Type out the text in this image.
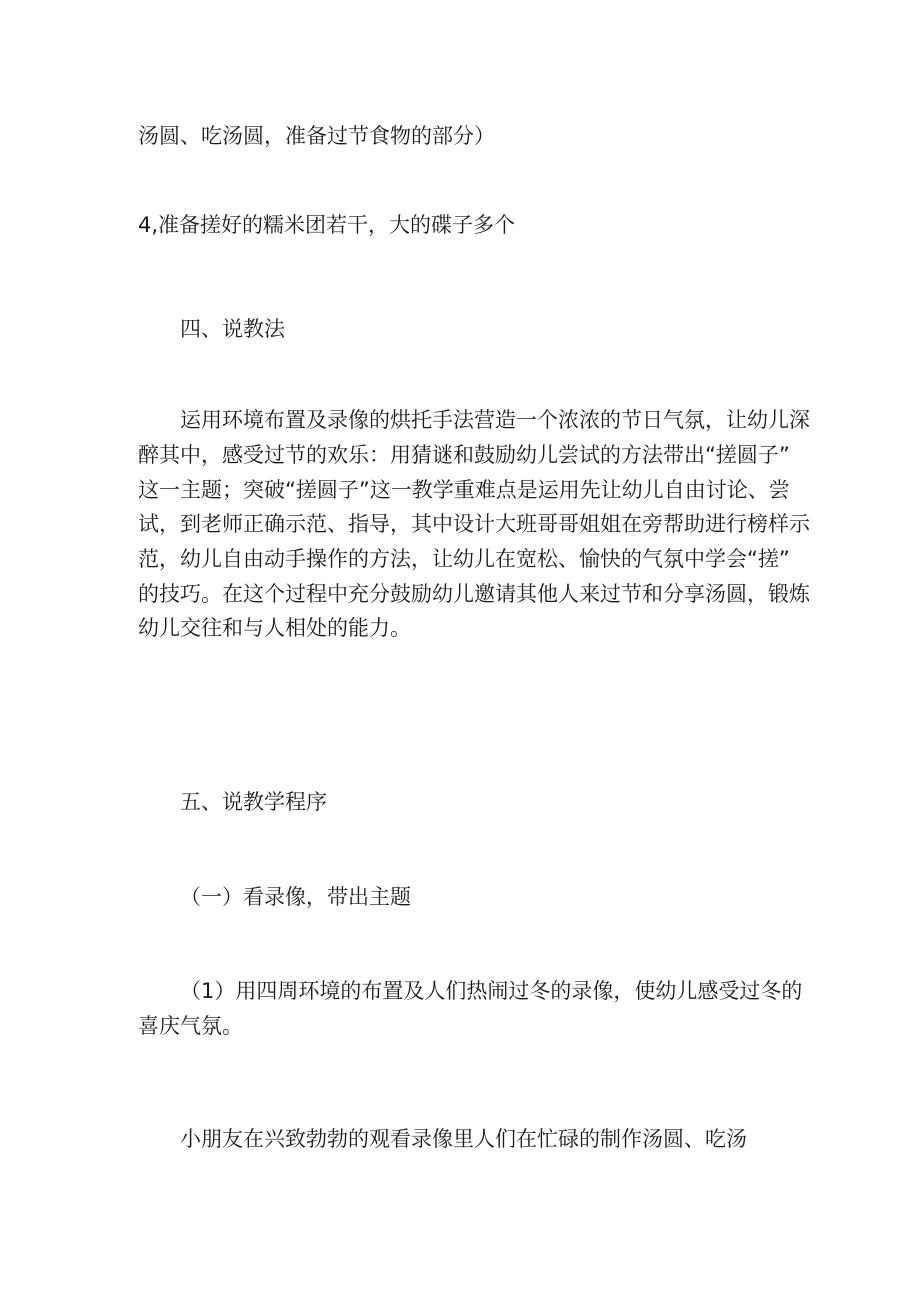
汤圆、吃汤圆，准备过节食物的部分）
4,准备搓好的糯米团若干，大的碟子多个
四、说教法
运用环境布置及录像的烘托手法营造一个浓浓的节日气氛，让幼儿深
醉其中，感受过节的欢乐：用猜谜和鼓励幼儿尝试的方法带出“搓圆子”
这一主题；突破“搓圆子”这一教学重难点是运用先让幼儿自由讨论、尝
试，到老师正确示范、指导，其中设计大班哥哥姐姐在旁帮助进行榜样示
范，幼儿自由动手操作的方法，让幼儿在宽松、愉快的气氛中学会“搓”
的技巧。在这个过程中充分鼓励幼儿邀请其他人来过节和分享汤圆，锻炼
幼儿交往和与人相处的能力。
五、说教学程序
（一）看录像，带出主题
（1）用四周环境的布置及人们热闹过冬的录像，使幼儿感受过冬的
喜庆气氛。
小朋友在兴致勃勃的观看录像里人们在忙碌的制作汤圆、吃汤
